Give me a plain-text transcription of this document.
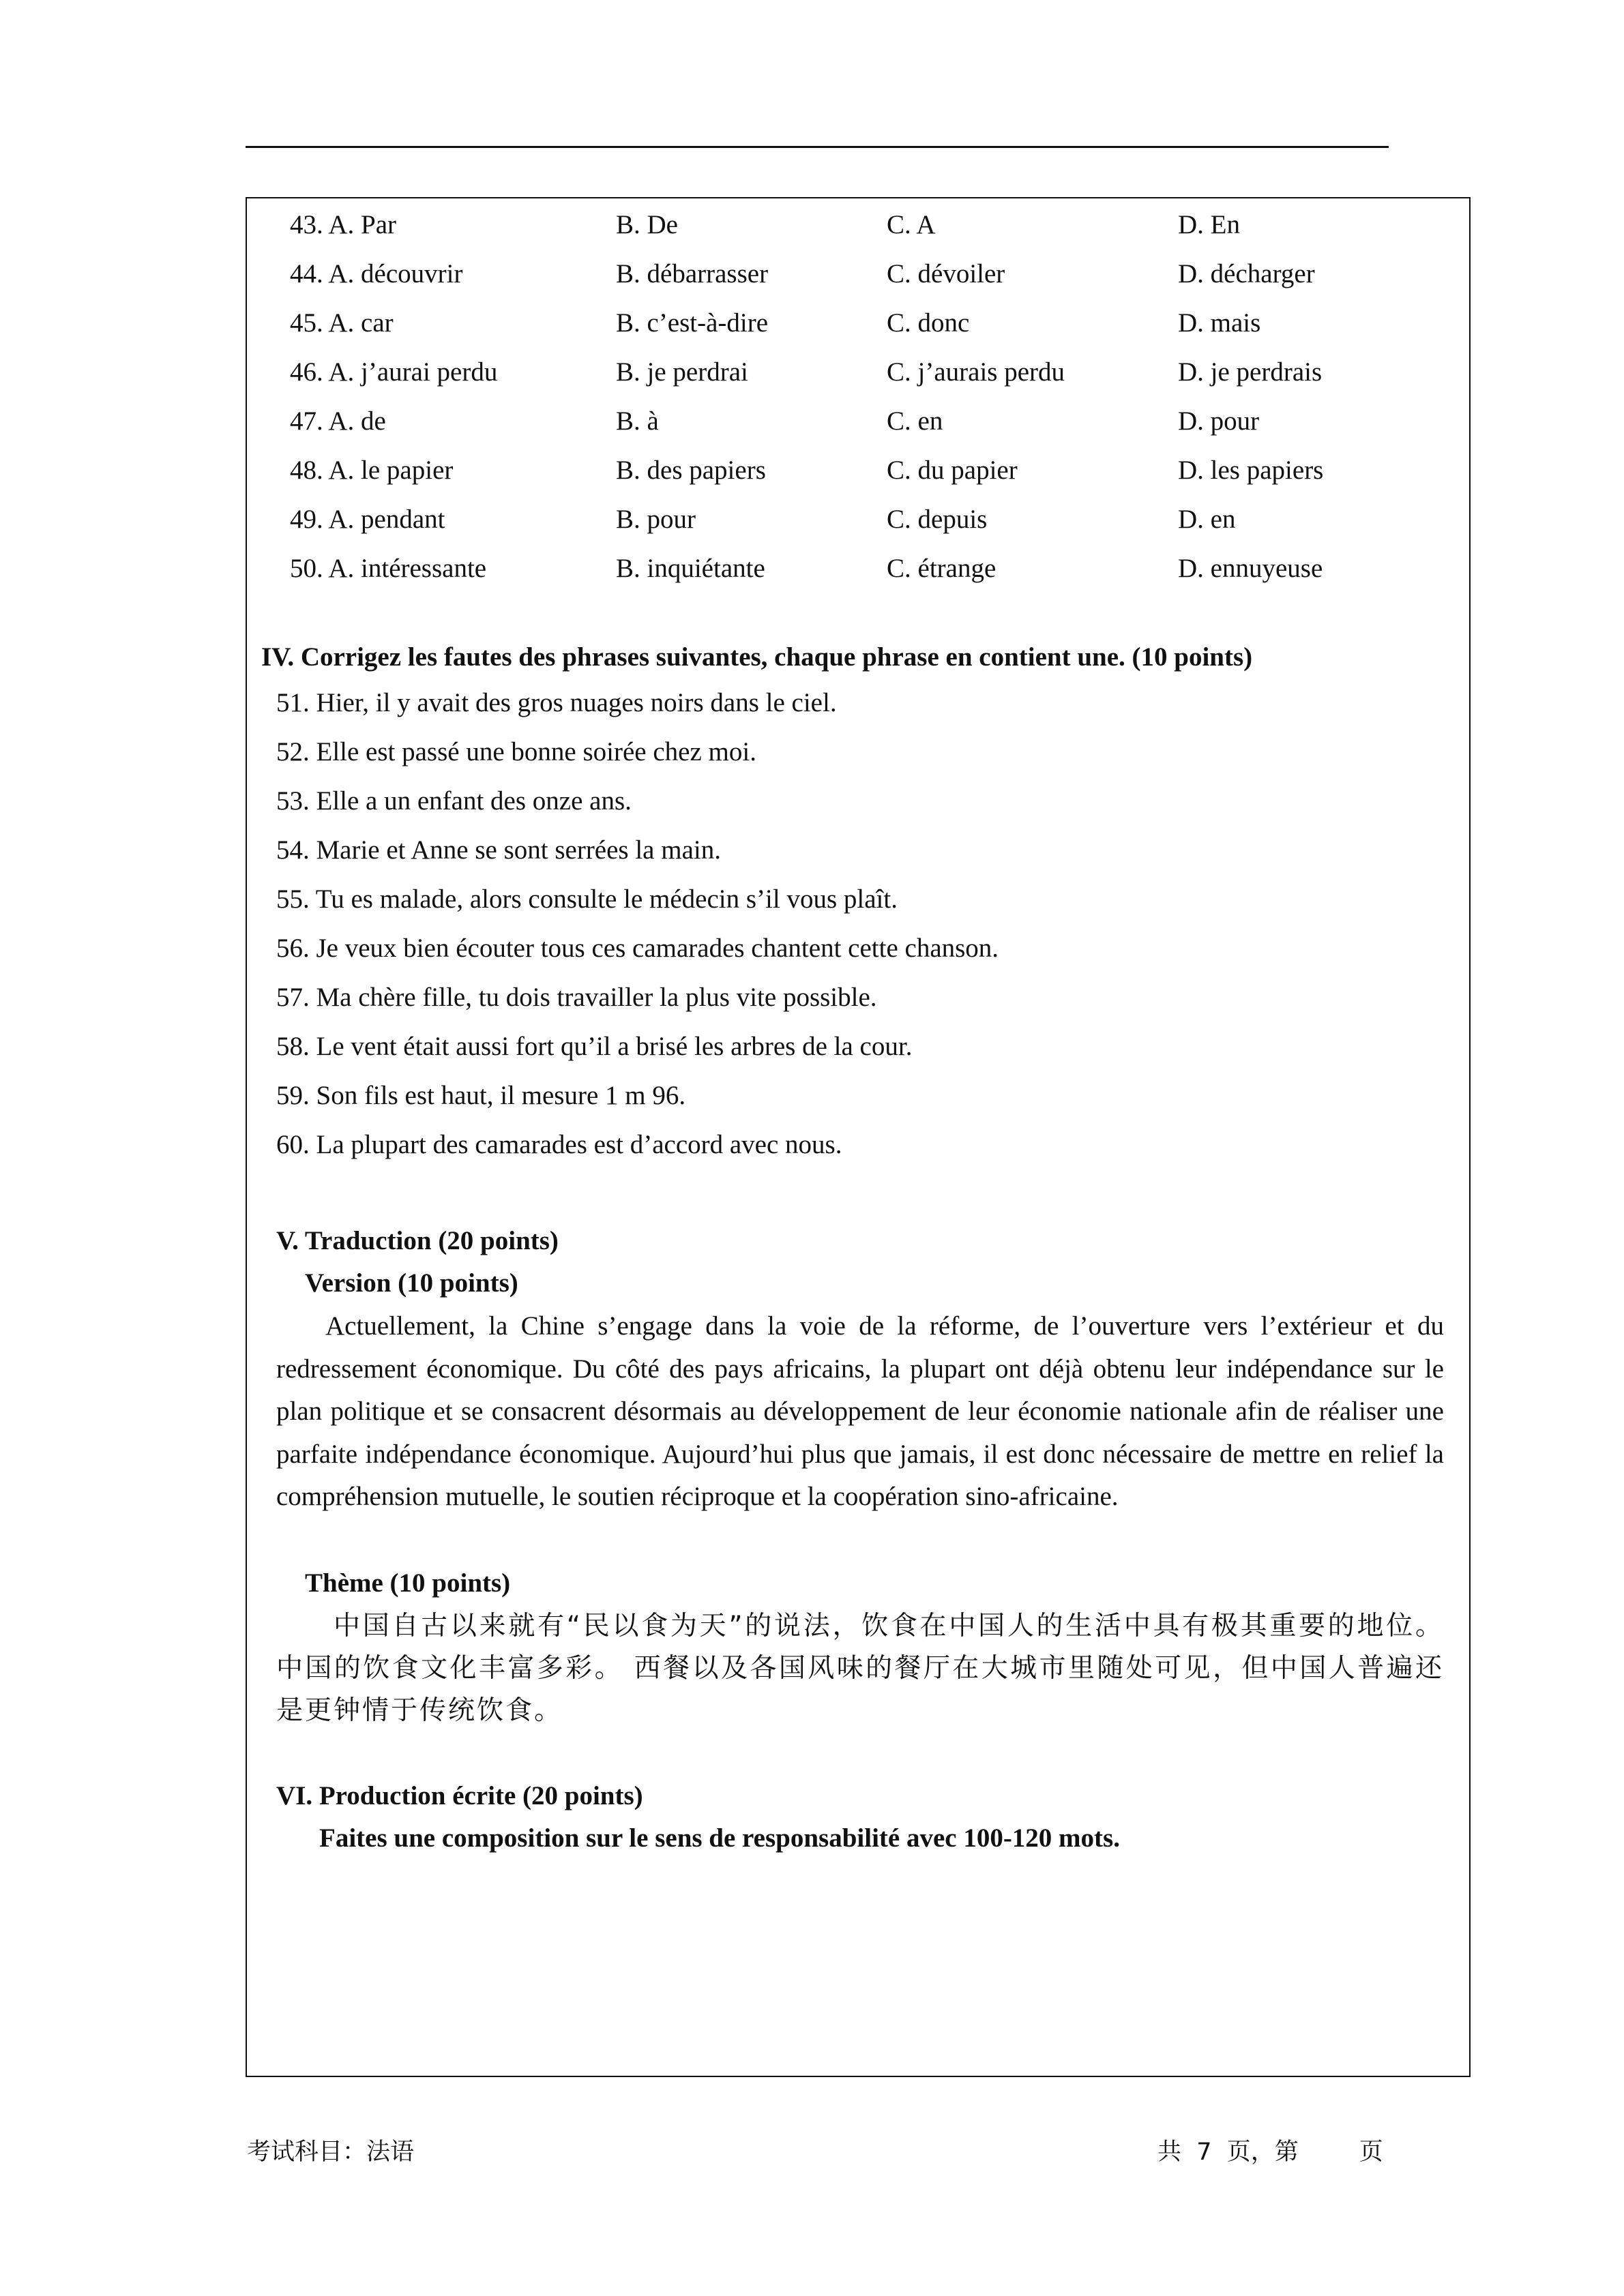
43. A. Par	B. De	C. A	D. En
44. A. découvrir	B. débarrasser	C. dévoiler	D. décharger
45. A. car	B. c’est-à-dire	C. donc	D. mais
46. A. j’aurai perdu	B. je perdrai	C. j’aurais perdu	D. je perdrais
47. A. de	B. à	C. en	D. pour
48. A. le papier	B. des papiers	C. du papier	D. les papiers
49. A. pendant	B. pour	C. depuis	D. en
50. A. intéressante	B. inquiétante	C. étrange	D. ennuyeuse
IV. Corrigez les fautes des phrases suivantes, chaque phrase en contient une. (10 points)
51. Hier, il y avait des gros nuages noirs dans le ciel.
52. Elle est passé une bonne soirée chez moi.
53. Elle a un enfant des onze ans.
54. Marie et Anne se sont serrées la main.
55. Tu es malade, alors consulte le médecin s’il vous plaît.
56. Je veux bien écouter tous ces camarades chantent cette chanson.
57. Ma chère fille, tu dois travailler la plus vite possible.
58. Le vent était aussi fort qu’il a brisé les arbres de la cour.
59. Son fils est haut, il mesure 1 m 96.
60. La plupart des camarades est d’accord avec nous.
V. Traduction (20 points)
Version (10 points)
Actuellement, la Chine s’engage dans la voie de la réforme, de l’ouverture vers l’extérieur et du redressement économique. Du côté des pays africains, la plupart ont déjà obtenu leur indépendance sur le plan politique et se consacrent désormais au développement de leur économie nationale afin de réaliser une parfaite indépendance économique. Aujourd’hui plus que jamais, il est donc nécessaire de mettre en relief la compréhension mutuelle, le soutien réciproque et la coopération sino-africaine.
Thème (10 points)
中国自古以来就有“民以食为天”的说法，饮食在中国人的生活中具有极其重要的地位。中国的饮食文化丰富多彩。 西餐以及各国风味的餐厅在大城市里随处可见，但中国人普遍还是更钟情于传统饮食。
VI. Production écrite (20 points)
Faites une composition sur le sens de responsabilité avec 100-120 mots.
考试科目：法语	共  7  页，第        页
